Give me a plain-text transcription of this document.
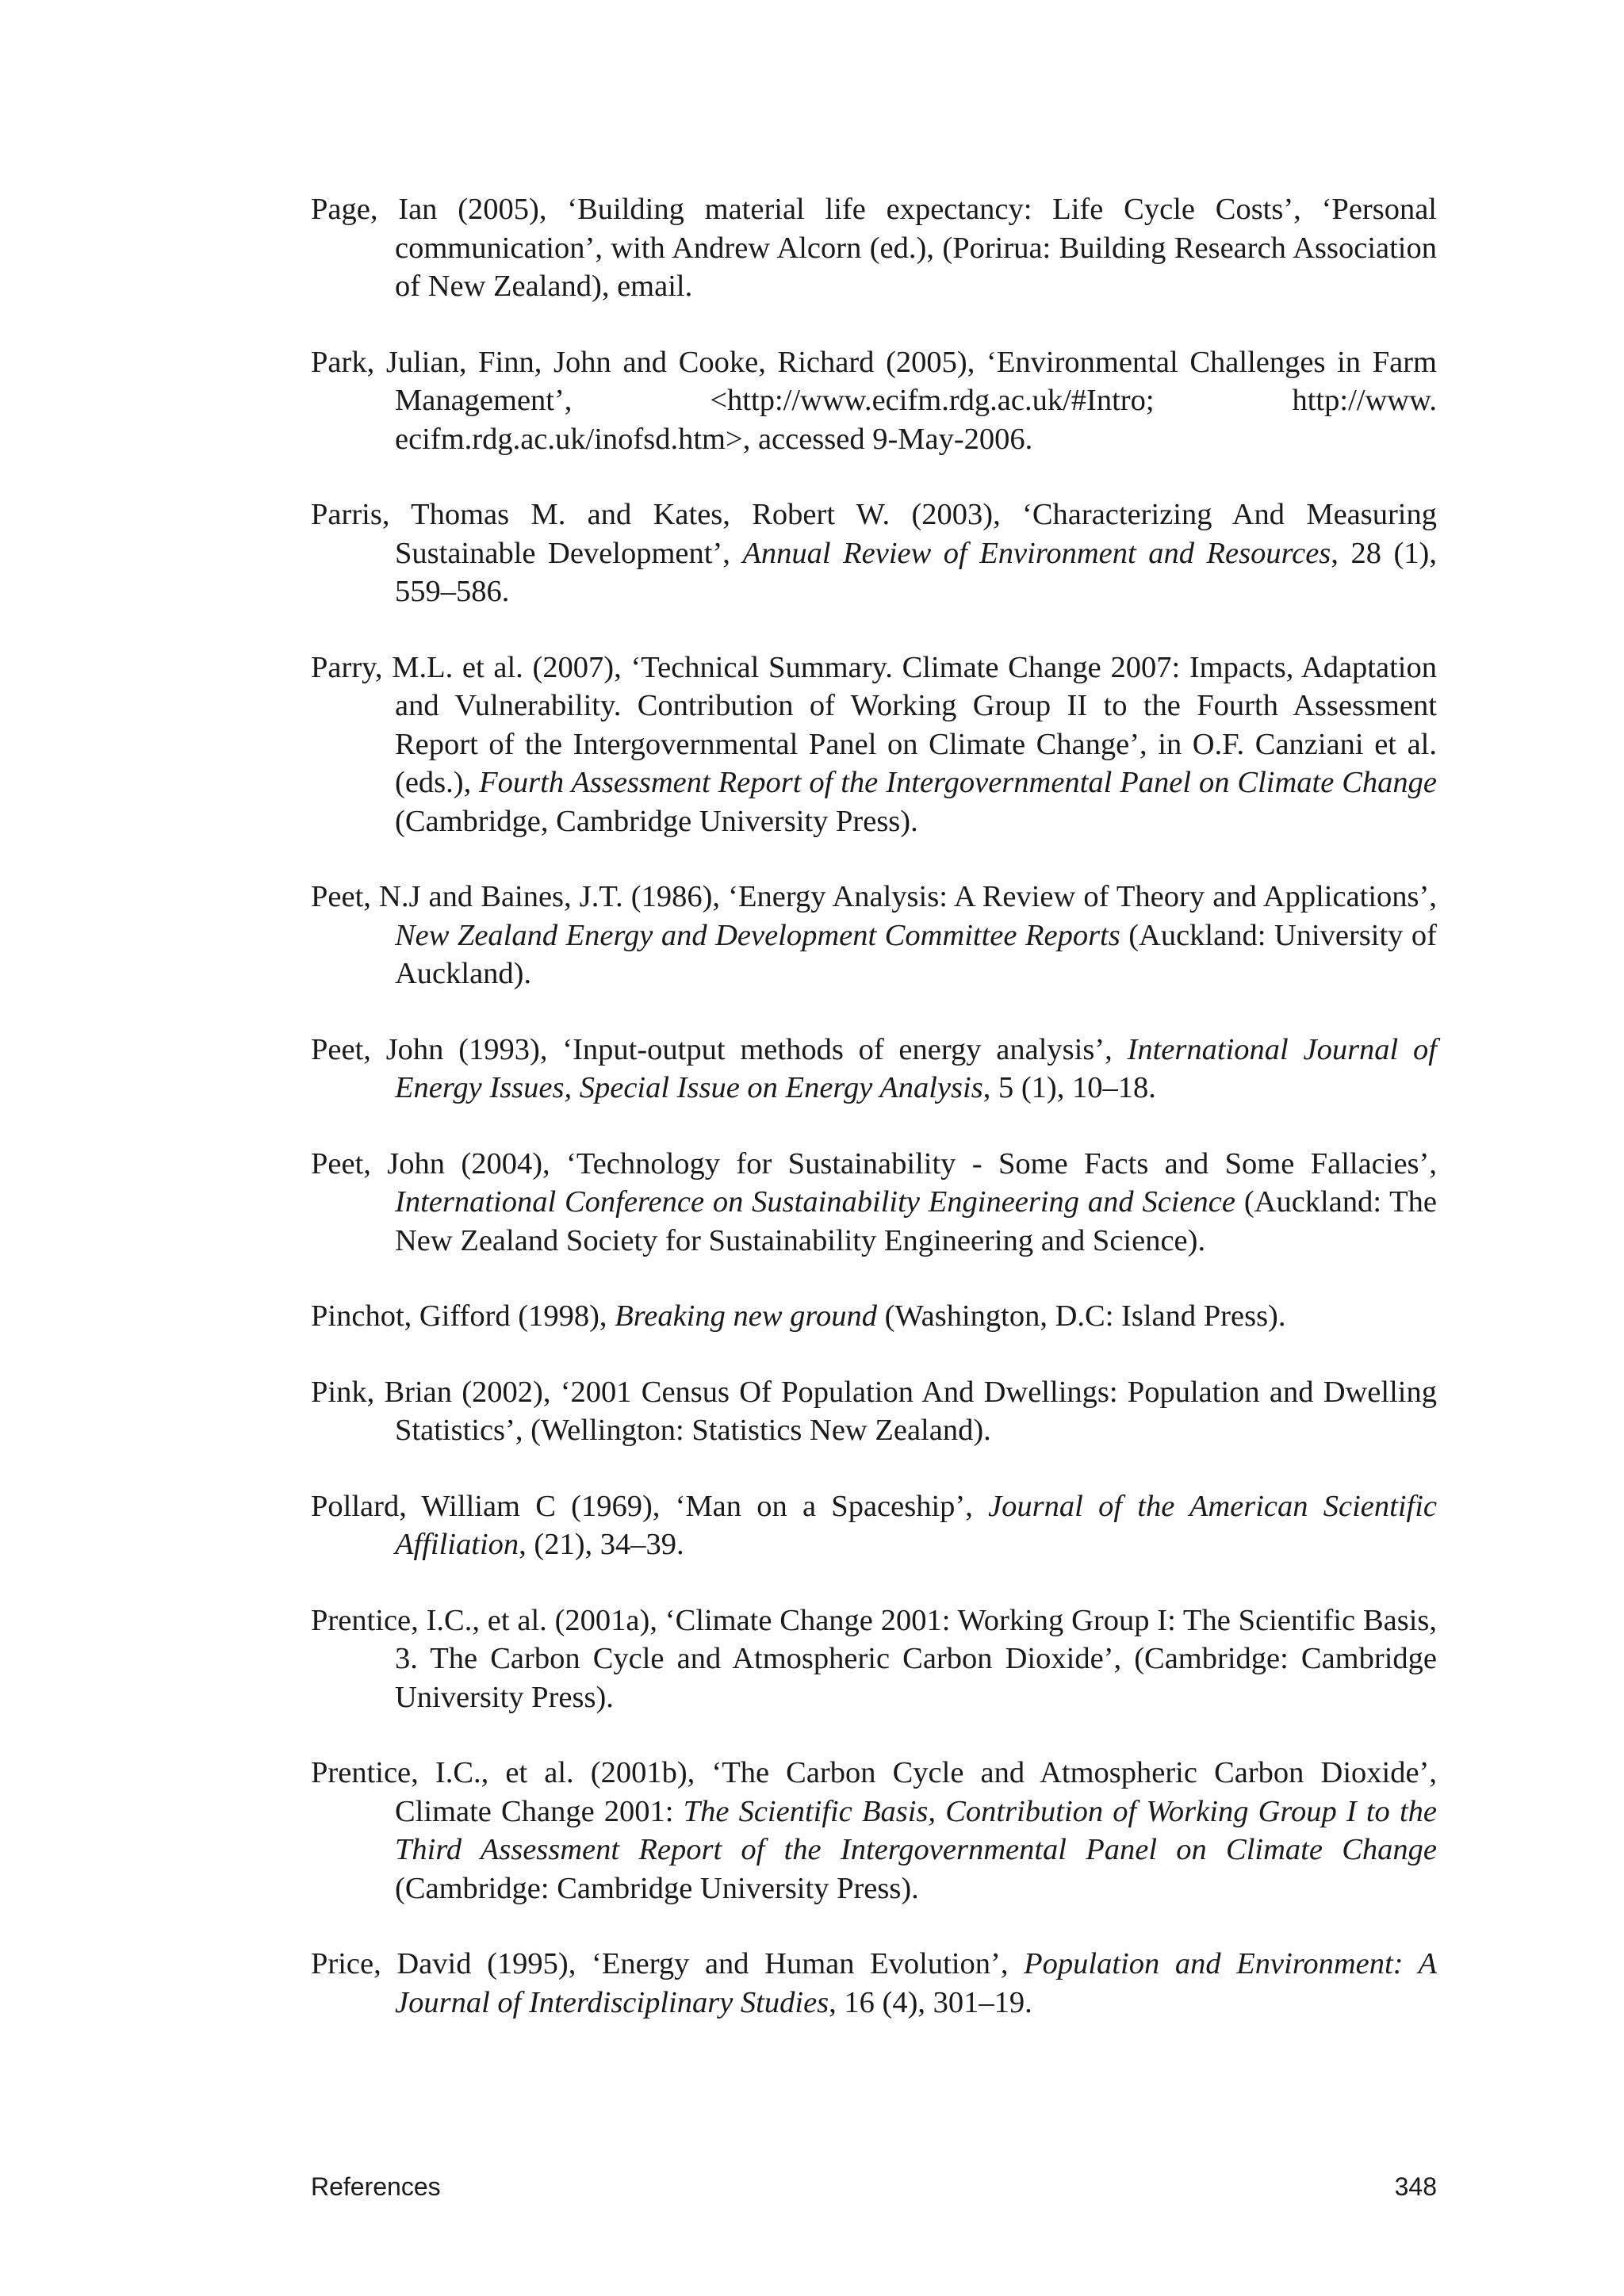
Page, Ian (2005), ‘Building material life expectancy: Life Cycle Costs’, ‘Personal communication’, with Andrew Alcorn (ed.), (Porirua: Building Research Association of New Zealand), email.

Park, Julian, Finn, John and Cooke, Richard (2005), ‘Environmental Challenges in Farm Management’, <http://www.ecifm.rdg.ac.uk/#Intro; http://www. ecifm.rdg.ac.uk/inofsd.htm>, accessed 9-May-2006.

Parris, Thomas M. and Kates, Robert W. (2003), ‘Characterizing And Measuring Sustainable Development’, Annual Review of Environment and Resources, 28 (1), 559–586.

Parry, M.L. et al. (2007), ‘Technical Summary. Climate Change 2007: Impacts, Adaptation and Vulnerability. Contribution of Working Group II to the Fourth Assessment Report of the Intergovernmental Panel on Climate Change’, in O.F. Canziani et al. (eds.), Fourth Assessment Report of the Intergovernmental Panel on Climate Change (Cambridge, Cambridge University Press).

Peet, N.J and Baines, J.T. (1986), ‘Energy Analysis: A Review of Theory and Applications’, New Zealand Energy and Development Committee Reports (Auckland: University of Auckland).

Peet, John (1993), ‘Input-output methods of energy analysis’, International Journal of Energy Issues, Special Issue on Energy Analysis, 5 (1), 10–18.

Peet, John (2004), ‘Technology for Sustainability - Some Facts and Some Fallacies’, International Conference on Sustainability Engineering and Science (Auckland: The New Zealand Society for Sustainability Engineering and Science).

Pinchot, Gifford (1998), Breaking new ground (Washington, D.C: Island Press).

Pink, Brian (2002), ‘2001 Census Of Population And Dwellings: Population and Dwelling Statistics’, (Wellington: Statistics New Zealand).

Pollard, William C (1969), ‘Man on a Spaceship’, Journal of the American Scientific Affiliation, (21), 34–39.

Prentice, I.C., et al. (2001a), ‘Climate Change 2001: Working Group I: The Scientific Basis, 3. The Carbon Cycle and Atmospheric Carbon Dioxide’, (Cambridge: Cambridge University Press).

Prentice, I.C., et al. (2001b), ‘The Carbon Cycle and Atmospheric Carbon Dioxide’, Climate Change 2001: The Scientific Basis, Contribution of Working Group I to the Third Assessment Report of the Intergovernmental Panel on Climate Change (Cambridge: Cambridge University Press).

Price, David (1995), ‘Energy and Human Evolution’, Population and Environment: A Journal of Interdisciplinary Studies, 16 (4), 301–19.

References	348
